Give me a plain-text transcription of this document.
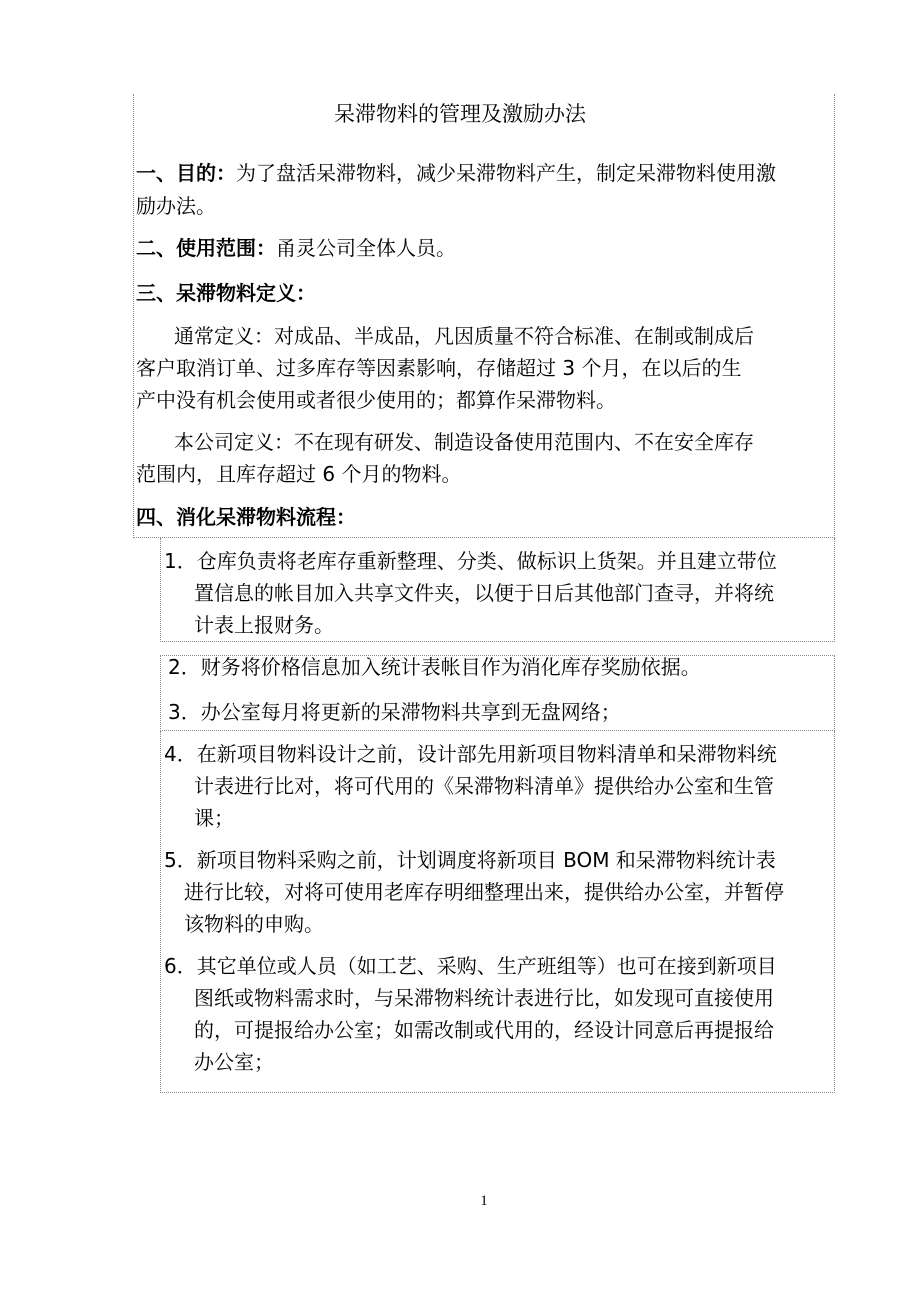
呆滞物料的管理及激励办法
一、目的：为了盘活呆滞物料，减少呆滞物料产生，制定呆滞物料使用激
励办法。
二、使用范围：甬灵公司全体人员。
三、呆滞物料定义：
通常定义：对成品、半成品，凡因质量不符合标准、在制或制成后
客户取消订单、过多库存等因素影响，存储超过 3 个月，在以后的生
产中没有机会使用或者很少使用的；都算作呆滞物料。
本公司定义：不在现有研发、制造设备使用范围内、不在安全库存
范围内，且库存超过 6 个月的物料。
四、消化呆滞物料流程：
1．仓库负责将老库存重新整理、分类、做标识上货架。并且建立带位
置信息的帐目加入共享文件夹，以便于日后其他部门查寻，并将统
计表上报财务。
2．财务将价格信息加入统计表帐目作为消化库存奖励依据。
3．办公室每月将更新的呆滞物料共享到无盘网络；
4．在新项目物料设计之前，设计部先用新项目物料清单和呆滞物料统
计表进行比对，将可代用的《呆滞物料清单》提供给办公室和生管
课；
5．新项目物料采购之前，计划调度将新项目 BOM 和呆滞物料统计表
进行比较，对将可使用老库存明细整理出来，提供给办公室，并暂停
该物料的申购。
6．其它单位或人员（如工艺、采购、生产班组等）也可在接到新项目
图纸或物料需求时，与呆滞物料统计表进行比，如发现可直接使用
的，可提报给办公室；如需改制或代用的，经设计同意后再提报给
办公室；
1
